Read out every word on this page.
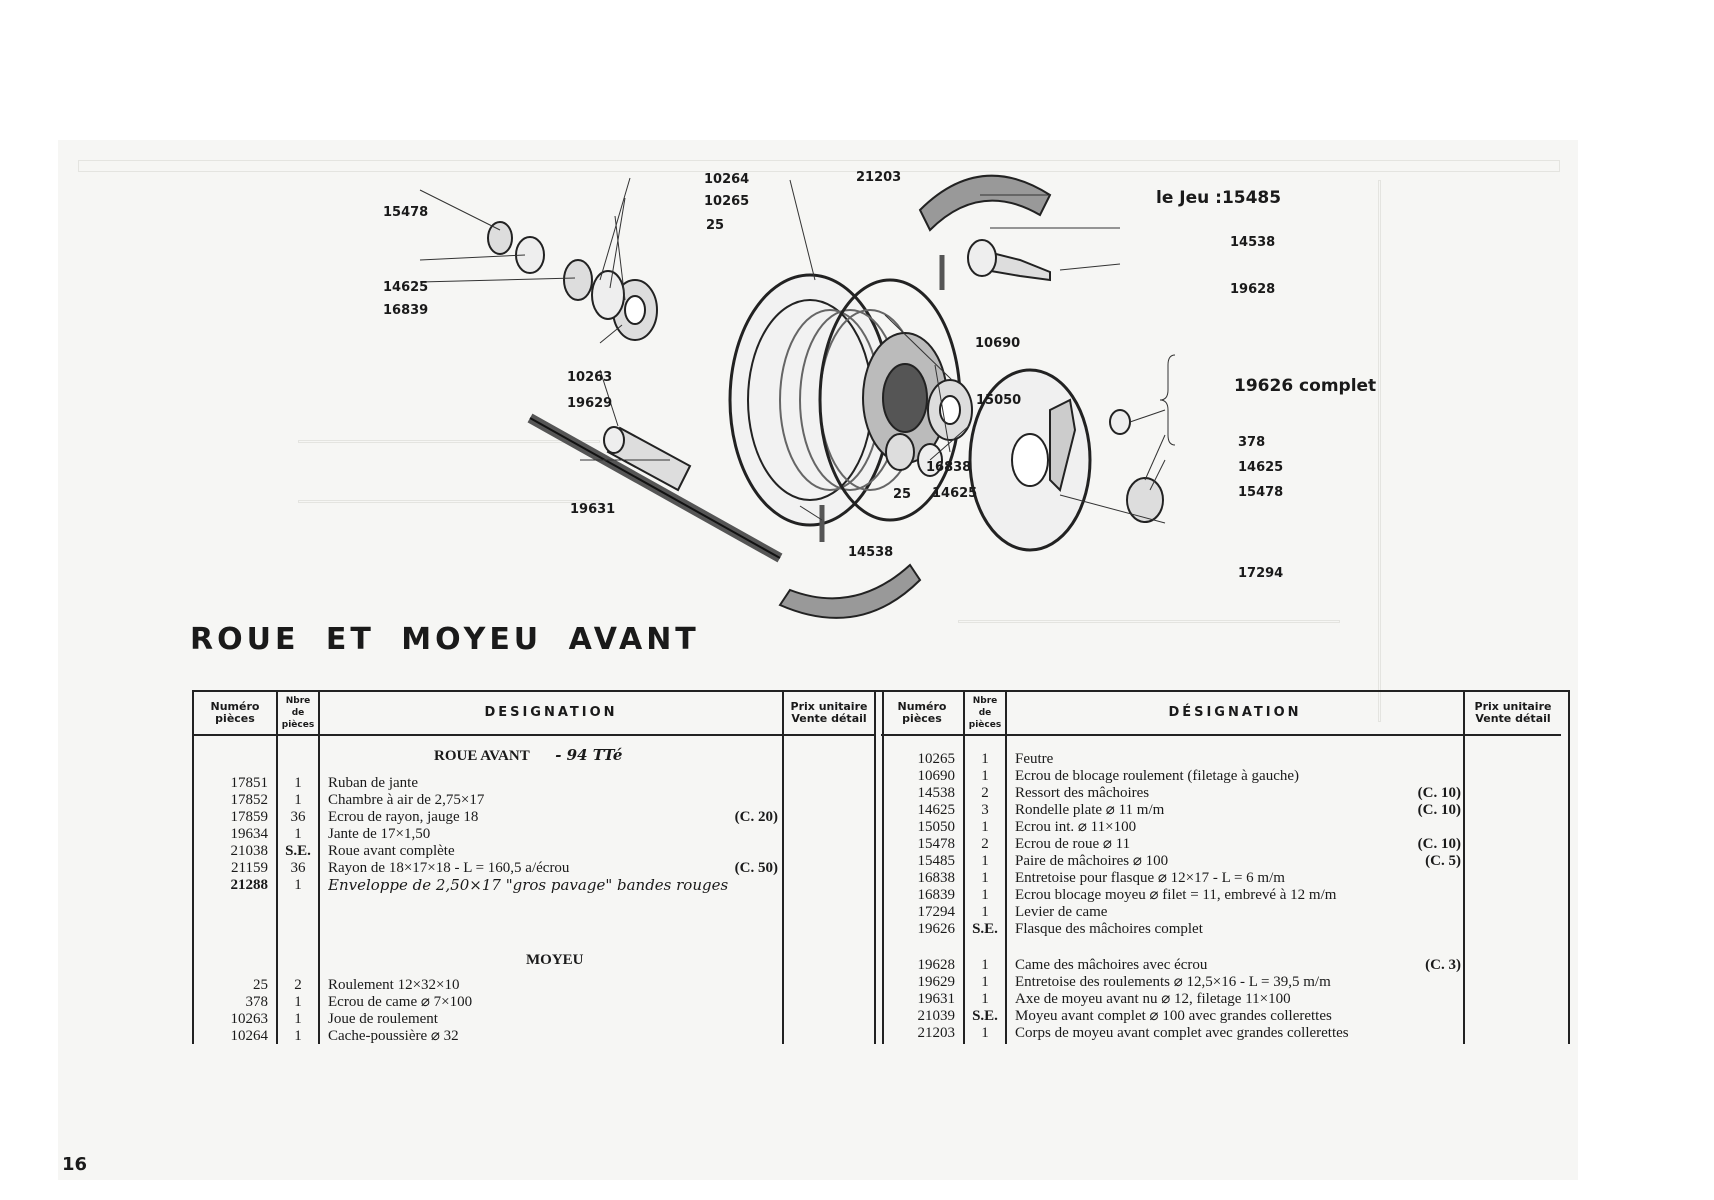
10264
10265
25
21203
le Jeu :15485
15478
14538
19628
14625
16839
10690
19626 complet
10263
15050
19629
378
16838	14625
14625	15478
25
19631
14538
17294
ROUE ET MOYEU AVANT
Numéro pièces
Nbre de pièces
DESIGNATION	Prix unitaire Vente détail
ROUE AVANT - 94 TTé
17851	1	Ruban de jante
17852	1	Chambre à air de 2,75×17
17859	36	Ecrou de rayon, jauge 18	(C. 20)
19634	1	Jante de 17×1,50
21038	S.E.	Roue avant complète
21159	36	Rayon de 18×17×18 - L = 160,5 a/écrou	(C. 50)
21288	1	Enveloppe de 2,50×17 "gros pavage" bandes rouges
MOYEU
25	2	Roulement 12×32×10
378	1	Ecrou de came ⌀ 7×100
10263	1	Joue de roulement
10264	1	Cache-poussière ⌀ 32
Numéro pièces
Nbre de pièces
DÉSIGNATION	Prix unitaire Vente détail
10265	1	Feutre
10690	1	Ecrou de blocage roulement (filetage à gauche)
14538	2	Ressort des mâchoires	(C. 10)
14625	3	Rondelle plate ⌀ 11 m/m	(C. 10)
15050	1	Ecrou int. ⌀ 11×100
15478	2	Ecrou de roue ⌀ 11	(C. 10)
15485	1	Paire de mâchoires ⌀ 100	(C. 5)
16838	1	Entretoise pour flasque ⌀ 12×17 - L = 6 m/m
16839	1	Ecrou blocage moyeu ⌀ filet = 11, embrevé à 12 m/m
17294	1	Levier de came
19626	S.E.	Flasque des mâchoires complet
19628	1	Came des mâchoires avec écrou	(C. 3)
19629	1	Entretoise des roulements ⌀ 12,5×16 - L = 39,5 m/m
19631	1	Axe de moyeu avant nu ⌀ 12, filetage 11×100
21039	S.E.	Moyeu avant complet ⌀ 100 avec grandes collerettes
21203	1	Corps de moyeu avant complet avec grandes collerettes
16
